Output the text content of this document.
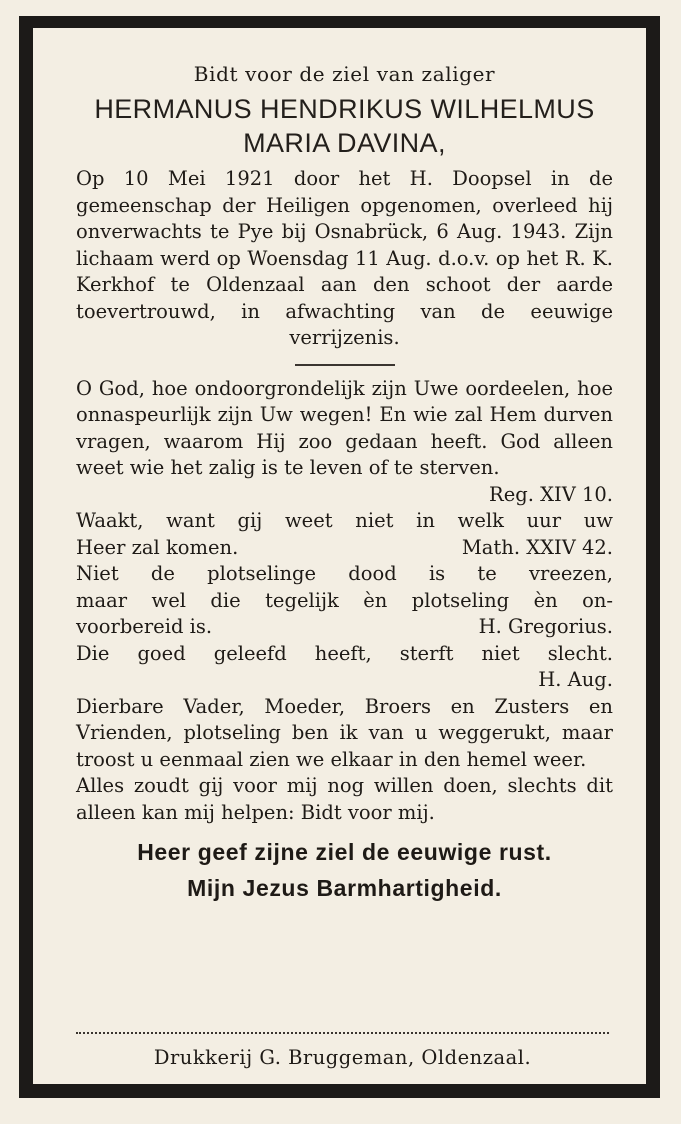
Bidt voor de ziel van zaliger

HERMANUS HENDRIKUS WILHELMUS

MARIA DAVINA,

Op 10 Mei 1921 door het H. Doopsel in de gemeenschap der Heiligen opgenomen, overleed hij onverwachts te Pye bij Osnabrück, 6 Aug. 1943. Zijn lichaam werd op Woensdag 11 Aug. d.o.v. op het R. K. Kerkhof te Oldenzaal aan den schoot der aarde toevertrouwd, in afwachting van de eeuwige verrijzenis.

O God, hoe ondoorgrondelijk zijn Uwe oordeelen, hoe onnaspeurlijk zijn Uw wegen! En wie zal Hem durven vragen, waarom Hij zoo gedaan heeft. God alleen weet wie het zalig is te leven of te sterven.

Reg. XIV 10.

Waakt, want gij weet niet in welk uur uw

Heer zal komen.	Math. XXIV 42.

Niet de plotselinge dood is te vreezen,

maar wel die tegelijk èn plotseling èn on-

voorbereid is.	H. Gregorius.

Die goed geleefd heeft, sterft niet slecht.

H. Aug.

Dierbare Vader, Moeder, Broers en Zusters en Vrienden, plotseling ben ik van u weggerukt, maar troost u eenmaal zien we elkaar in den hemel weer.

Alles zoudt gij voor mij nog willen doen, slechts dit alleen kan mij helpen: Bidt voor mij.

Heer geef zijne ziel de eeuwige rust.

Mijn Jezus Barmhartigheid.

Drukkerij G. Bruggeman, Oldenzaal.
